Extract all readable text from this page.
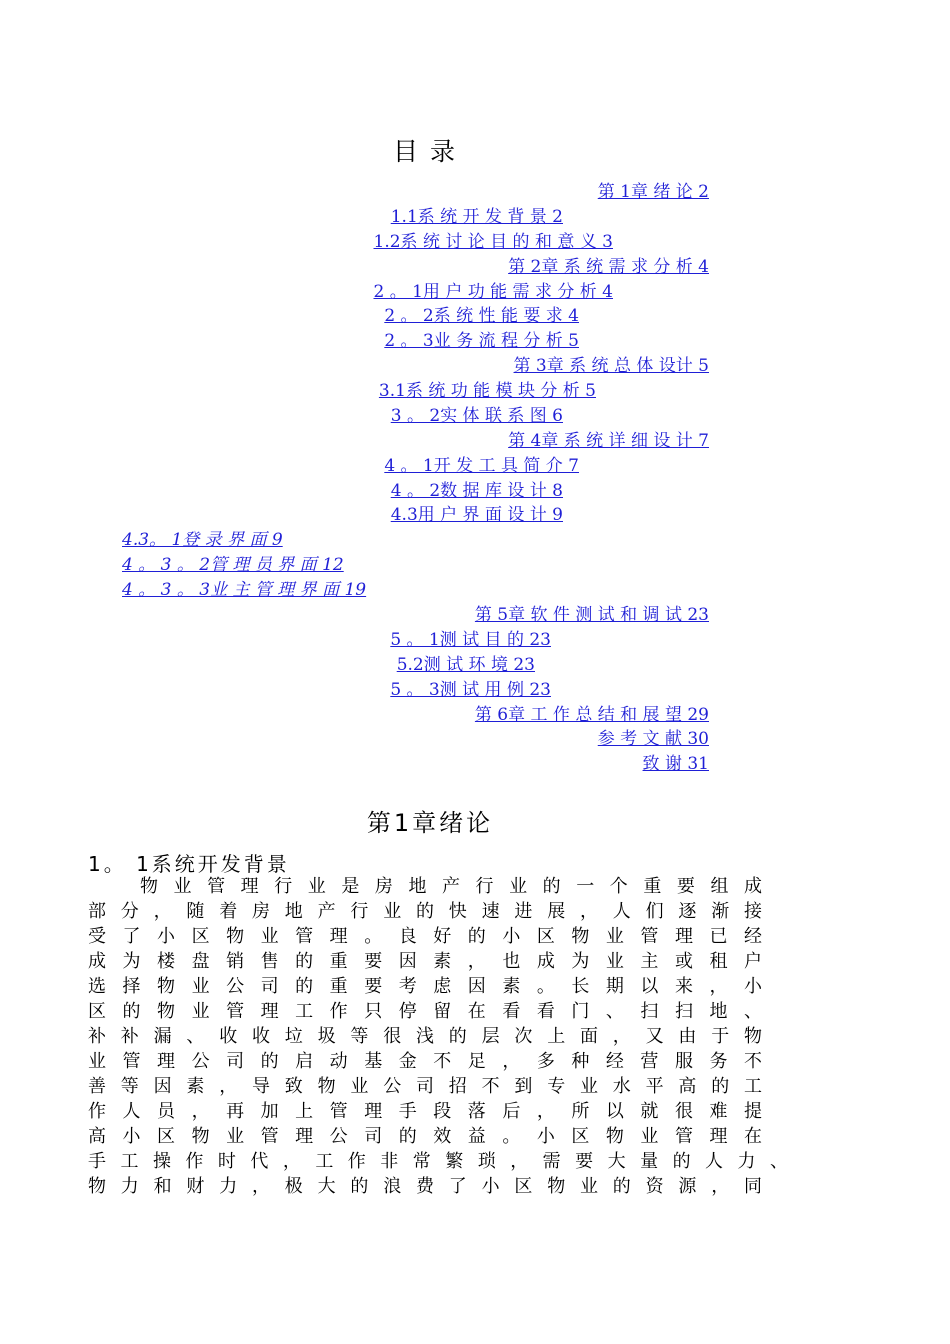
目录
第 1章 绪 论 2
1.1系 统 开 发 背 景 2
1.2系 统 讨 论 目 的 和 意 义 3
第 2章 系 统 需 求 分 析 4
2 。 1用 户 功 能 需 求 分 析 4
2 。 2系 统 性 能 要 求 4
2 。 3业 务 流 程 分 析 5
第 3章 系 统 总 体 设计 5
3.1系 统 功 能 模 块 分 析 5
3 。 2实 体 联 系 图 6
第 4章 系 统 详 细 设 计 7
4 。 1开 发 工 具 简 介 7
4 。 2数 据 库 设 计 8
4.3用 户 界 面 设 计 9
4.3。 1登 录 界 面 9
4 。 3 。 2管 理 员 界 面 12
4 。 3 。 3业 主 管 理 界 面 19
第 5章 软 件 测 试 和 调 试 23
5 。 1测 试 目 的 23
5.2测 试 环 境 23
5 。 3测 试 用 例 23
第 6章 工 作 总 结 和 展 望 29
参 考 文 献 30
致 谢 31
第1章绪论
1。 1系统开发背景
物业管理行业是房地产行业的一个重要组成
部分，随着房地产行业的快速进展，人们逐渐接
受了小区物业管理。良好的小区物业管理已经
成为楼盘销售的重要因素，也成为业主或租户
选择物业公司的重要考虑因素。长期以来，小
区的物业管理工作只停留在看看门、扫扫地、
补补漏、收收垃圾等很浅的层次上面，又由于物
业管理公司的启动基金不足，多种经营服务不
善等因素，导致物业公司招不到专业水平高的工
作人员，再加上管理手段落后，所以就很难提
高小区物业管理公司的效益。小区物业管理在
手工操作时代，工作非常繁琐，需要大量的人力、
物力和财力，极大的浪费了小区物业的资源，同
